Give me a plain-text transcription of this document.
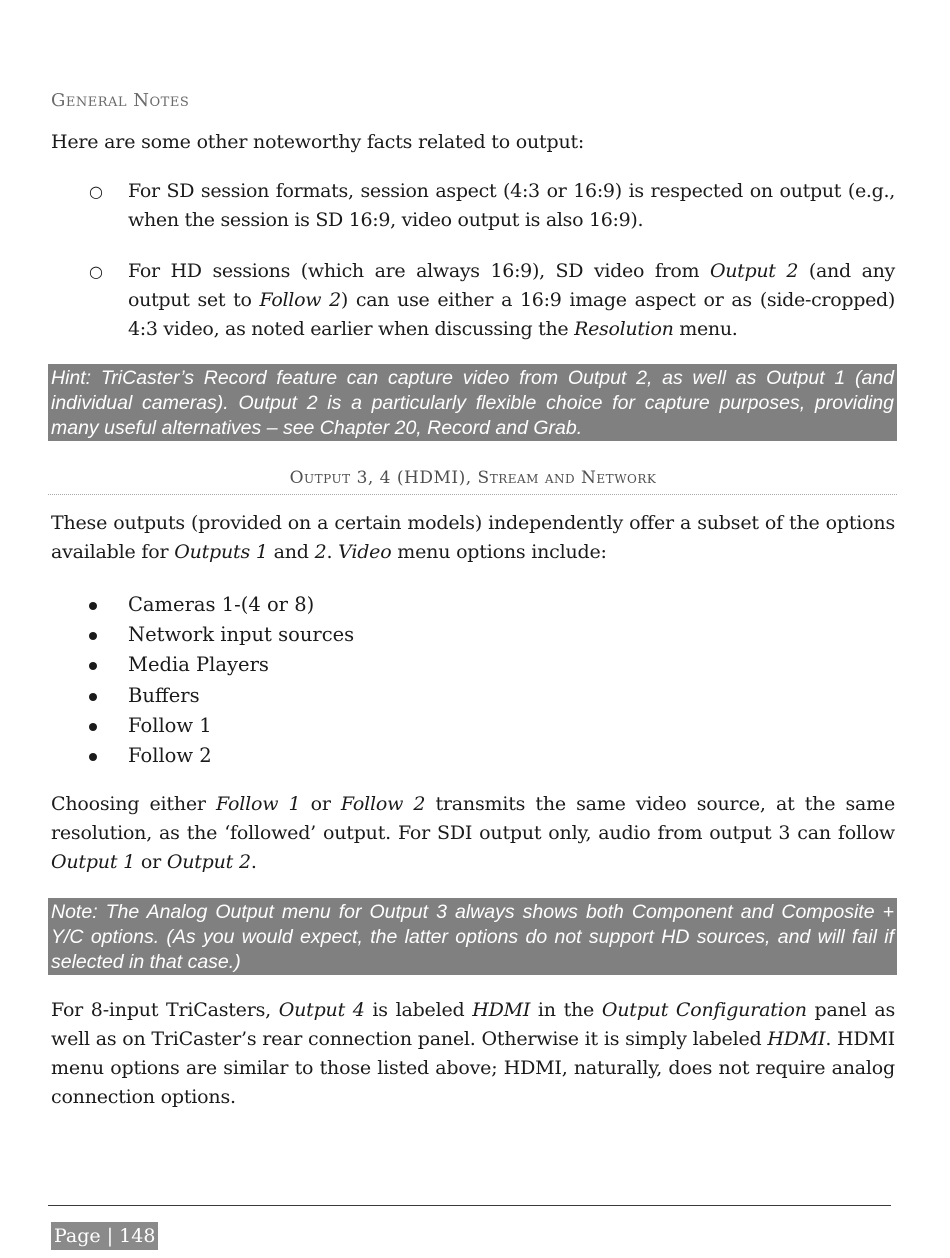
General Notes
Here are some other noteworthy facts related to output:
○ For SD session formats, session aspect (4:3 or 16:9) is respected on output (e.g., when the session is SD 16:9, video output is also 16:9).
○ For HD sessions (which are always 16:9), SD video from Output 2 (and any output set to Follow 2) can use either a 16:9 image aspect or as (side-cropped) 4:3 video, as noted earlier when discussing the Resolution menu.
Hint: TriCaster’s Record feature can capture video from Output 2, as well as Output 1 (and individual cameras). Output 2 is a particularly flexible choice for capture purposes, providing many useful alternatives – see Chapter 20, Record and Grab.
Output 3, 4 (HDMI), Stream and Network
These outputs (provided on a certain models) independently offer a subset of the options available for Outputs 1 and 2. Video menu options include:
Cameras 1-(4 or 8)
Network input sources
Media Players
Buffers
Follow 1
Follow 2
Choosing either Follow 1 or Follow 2 transmits the same video source, at the same resolution, as the ‘followed’ output. For SDI output only, audio from output 3 can follow Output 1 or Output 2.
Note: The Analog Output menu for Output 3 always shows both Component and Composite + Y/C options. (As you would expect, the latter options do not support HD sources, and will fail if selected in that case.)
For 8-input TriCasters, Output 4 is labeled HDMI in the Output Configuration panel as well as on TriCaster’s rear connection panel. Otherwise it is simply labeled HDMI. HDMI menu options are similar to those listed above; HDMI, naturally, does not require analog connection options.
Page | 148
